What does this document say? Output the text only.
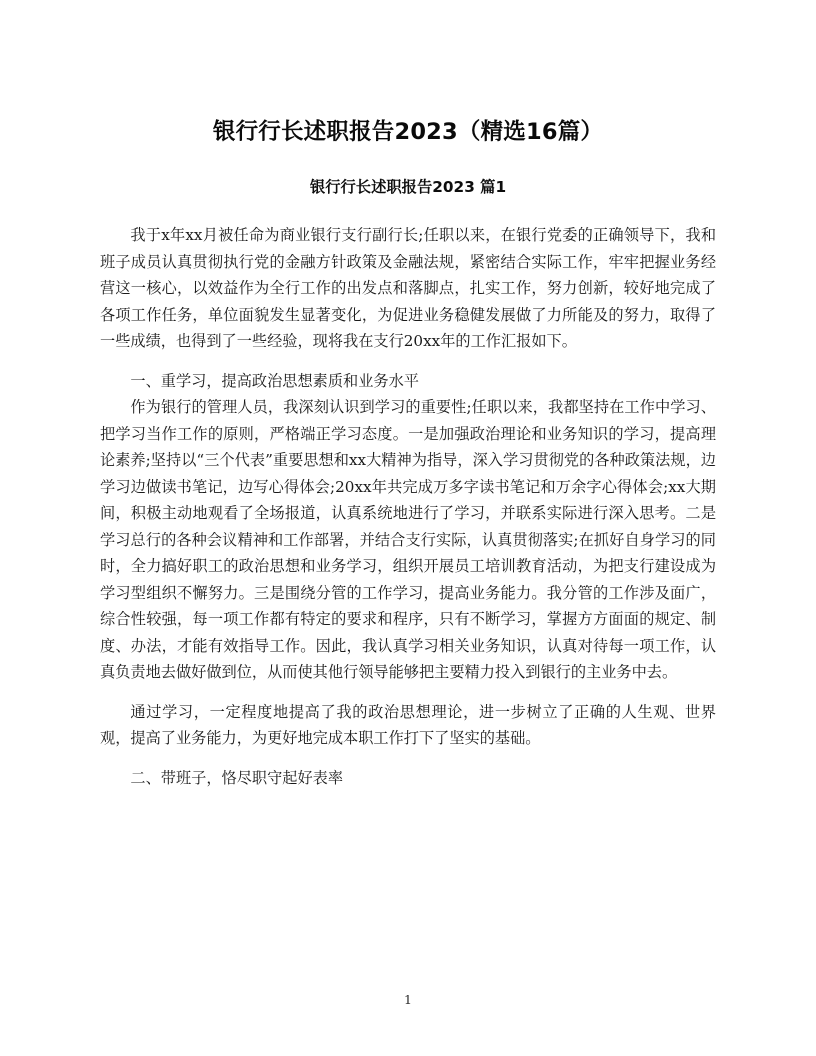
银行行长述职报告2023（精选16篇）
银行行长述职报告2023 篇1

我于x年xx月被任命为商业银行支行副行长;任职以来，在银行党委的正确领导下，我和班子成员认真贯彻执行党的金融方针政策及金融法规，紧密结合实际工作，牢牢把握业务经营这一核心，以效益作为全行工作的出发点和落脚点，扎实工作，努力创新，较好地完成了各项工作任务，单位面貌发生显著变化，为促进业务稳健发展做了力所能及的努力，取得了一些成绩，也得到了一些经验，现将我在支行20xx年的工作汇报如下。

一、重学习，提高政治思想素质和业务水平

作为银行的管理人员，我深刻认识到学习的重要性;任职以来，我都坚持在工作中学习、把学习当作工作的原则，严格端正学习态度。一是加强政治理论和业务知识的学习，提高理论素养;坚持以“三个代表”重要思想和xx大精神为指导，深入学习贯彻党的各种政策法规，边学习边做读书笔记，边写心得体会;20xx年共完成万多字读书笔记和万余字心得体会;xx大期间，积极主动地观看了全场报道，认真系统地进行了学习，并联系实际进行深入思考。二是学习总行的各种会议精神和工作部署，并结合支行实际，认真贯彻落实;在抓好自身学习的同时，全力搞好职工的政治思想和业务学习，组织开展员工培训教育活动，为把支行建设成为学习型组织不懈努力。三是围绕分管的工作学习，提高业务能力。我分管的工作涉及面广，综合性较强，每一项工作都有特定的要求和程序，只有不断学习，掌握方方面面的规定、制度、办法，才能有效指导工作。因此，我认真学习相关业务知识，认真对待每一项工作，认真负责地去做好做到位，从而使其他行领导能够把主要精力投入到银行的主业务中去。

通过学习，一定程度地提高了我的政治思想理论，进一步树立了正确的人生观、世界观，提高了业务能力，为更好地完成本职工作打下了坚实的基础。

二、带班子，恪尽职守起好表率

1
